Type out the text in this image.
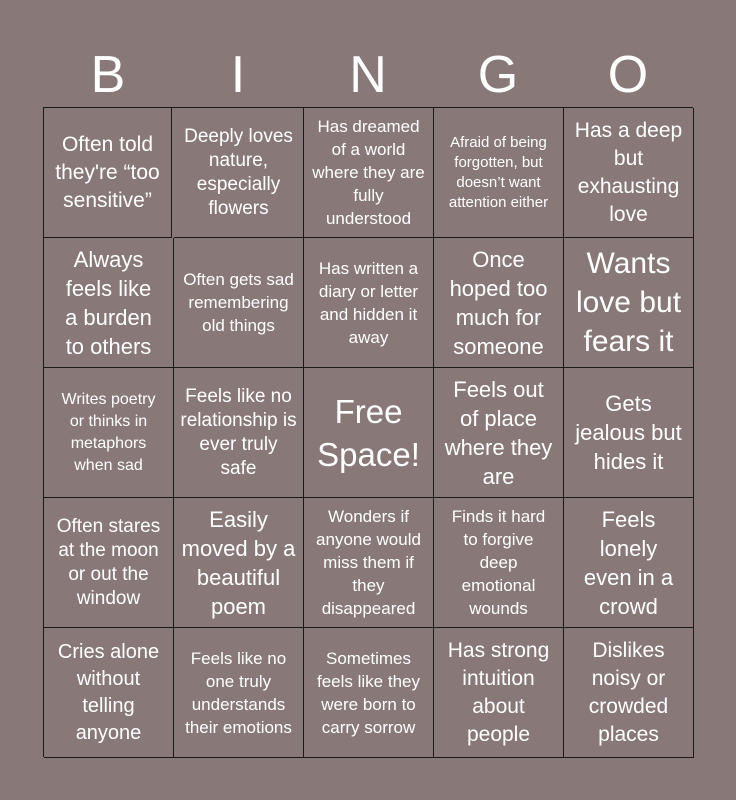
B	I	N	G	O
Often told they're “too sensitive”
Deeply loves nature, especially flowers
Has dreamed of a world where they are fully understood
Afraid of being forgotten, but doesn’t want attention either
Has a deep but exhausting love
Always feels like a burden to others
Often gets sad remembering old things
Has written a diary or letter and hidden it away
Once hoped too much for someone
Wants love but fears it
Writes poetry or thinks in metaphors when sad
Feels like no relationship is ever truly safe
Free Space!
Feels out of place where they are
Gets jealous but hides it
Often stares at the moon or out the window
Easily moved by a beautiful poem
Wonders if anyone would miss them if they disappeared
Finds it hard to forgive deep emotional wounds
Feels lonely even in a crowd
Cries alone without telling anyone
Feels like no one truly understands their emotions
Sometimes feels like they were born to carry sorrow
Has strong intuition about people
Dislikes noisy or crowded places
